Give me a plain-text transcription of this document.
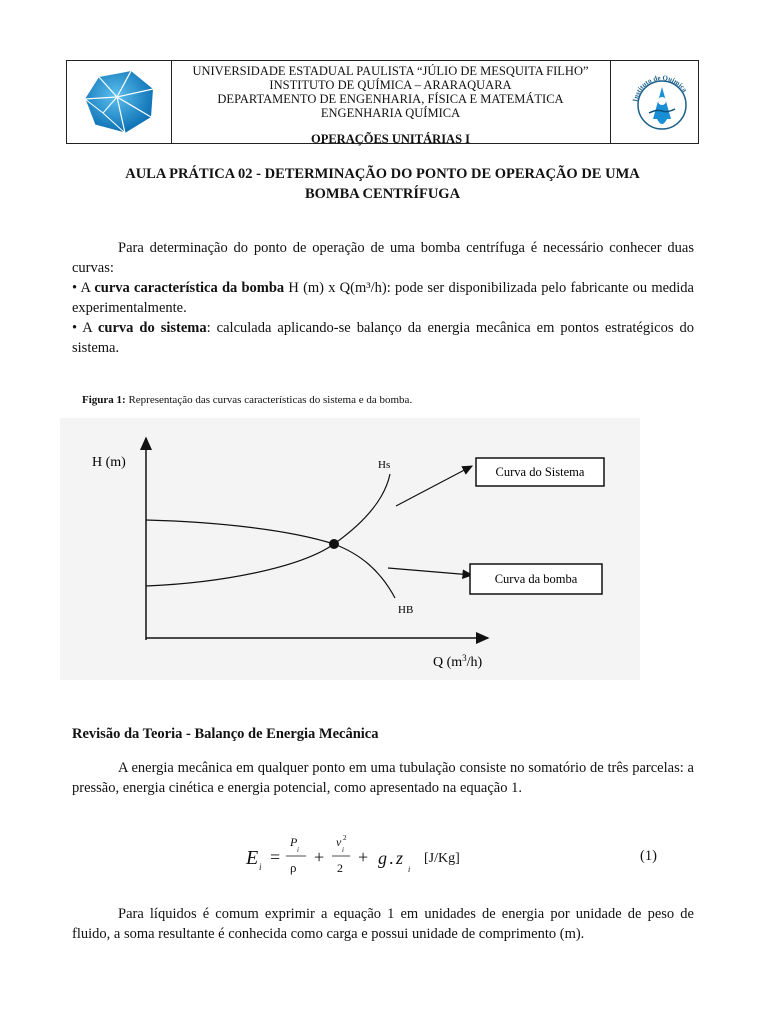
UNIVERSIDADE ESTADUAL PAULISTA “JÚLIO DE MESQUITA FILHO”
INSTITUTO DE QUÍMICA – ARARAQUARA
DEPARTAMENTO DE ENGENHARIA, FÍSICA E MATEMÁTICA
ENGENHARIA QUÍMICA
OPERAÇÕES UNITÁRIAS I
Instituto de Química
AULA PRÁTICA 02 - DETERMINAÇÃO DO PONTO DE OPERAÇÃO DE UMA
BOMBA CENTRÍFUGA
Para determinação do ponto de operação de uma bomba centrífuga é necessário conhecer duas curvas:
• A curva característica da bomba H (m) x Q(m³/h): pode ser disponibilizada pelo fabricante ou medida experimentalmente.
• A curva do sistema: calculada aplicando-se balanço da energia mecânica em pontos estratégicos do sistema.
Figura 1: Representação das curvas características do sistema e da bomba.
H (m)
Q $(m^3/h)$
Hs
HB
Curva do Sistema
Curva da bomba
Revisão da Teoria - Balanço de Energia Mecânica
A energia mecânica em qualquer ponto em uma tubulação consiste no somatório de três parcelas: a pressão, energia cinética e energia potencial, como apresentado na equação 1.
E i =
P
i
ρ
+
v 2
i
2
+ g . z
i
[J/Kg]	(1)
Para líquidos é comum exprimir a equação 1 em unidades de energia por unidade de peso de fluido, a soma resultante é conhecida como carga e possui unidade de comprimento (m).
